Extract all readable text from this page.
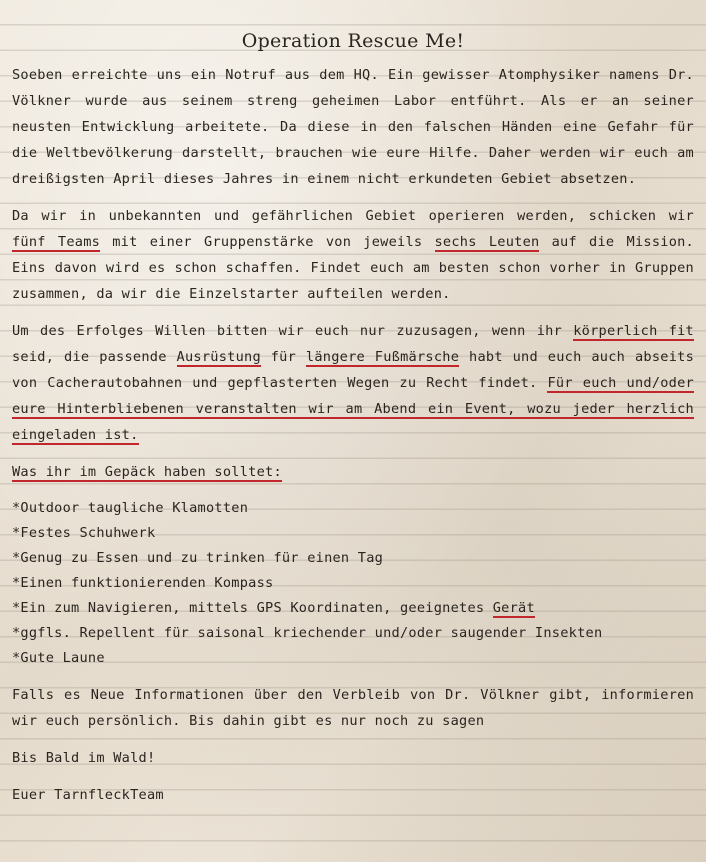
Operation Rescue Me!

Soeben erreichte uns ein Notruf aus dem HQ. Ein gewisser Atomphysiker namens Dr. Völkner wurde aus seinem streng geheimen Labor entführt. Als er an seiner neusten Entwicklung arbeitete. Da diese in den falschen Händen eine Gefahr für die Weltbevölkerung darstellt, brauchen wie eure Hilfe. Daher werden wir euch am dreißigsten April dieses Jahres in einem nicht erkundeten Gebiet absetzen.

Da wir in unbekannten und gefährlichen Gebiet operieren werden, schicken wir fünf Teams mit einer Gruppenstärke von jeweils sechs Leuten auf die Mission. Eins davon wird es schon schaffen. Findet euch am besten schon vorher in Gruppen zusammen, da wir die Einzelstarter aufteilen werden.

Um des Erfolges Willen bitten wir euch nur zuzusagen, wenn ihr körperlich fit seid, die passende Ausrüstung für längere Fußmärsche habt und euch auch abseits von Cacherautobahnen und gepflasterten Wegen zu Recht findet. Für euch und/oder eure Hinterbliebenen veranstalten wir am Abend ein Event, wozu jeder herzlich eingeladen ist.

Was ihr im Gepäck haben solltet:

*Outdoor taugliche Klamotten
*Festes Schuhwerk
*Genug zu Essen und zu trinken für einen Tag
*Einen funktionierenden Kompass
*Ein zum Navigieren, mittels GPS Koordinaten, geeignetes Gerät
*ggfls. Repellent für saisonal kriechender und/oder saugender Insekten
*Gute Laune

Falls es Neue Informationen über den Verbleib von Dr. Völkner gibt, informieren wir euch persönlich. Bis dahin gibt es nur noch zu sagen

Bis Bald im Wald!

Euer TarnfleckTeam
